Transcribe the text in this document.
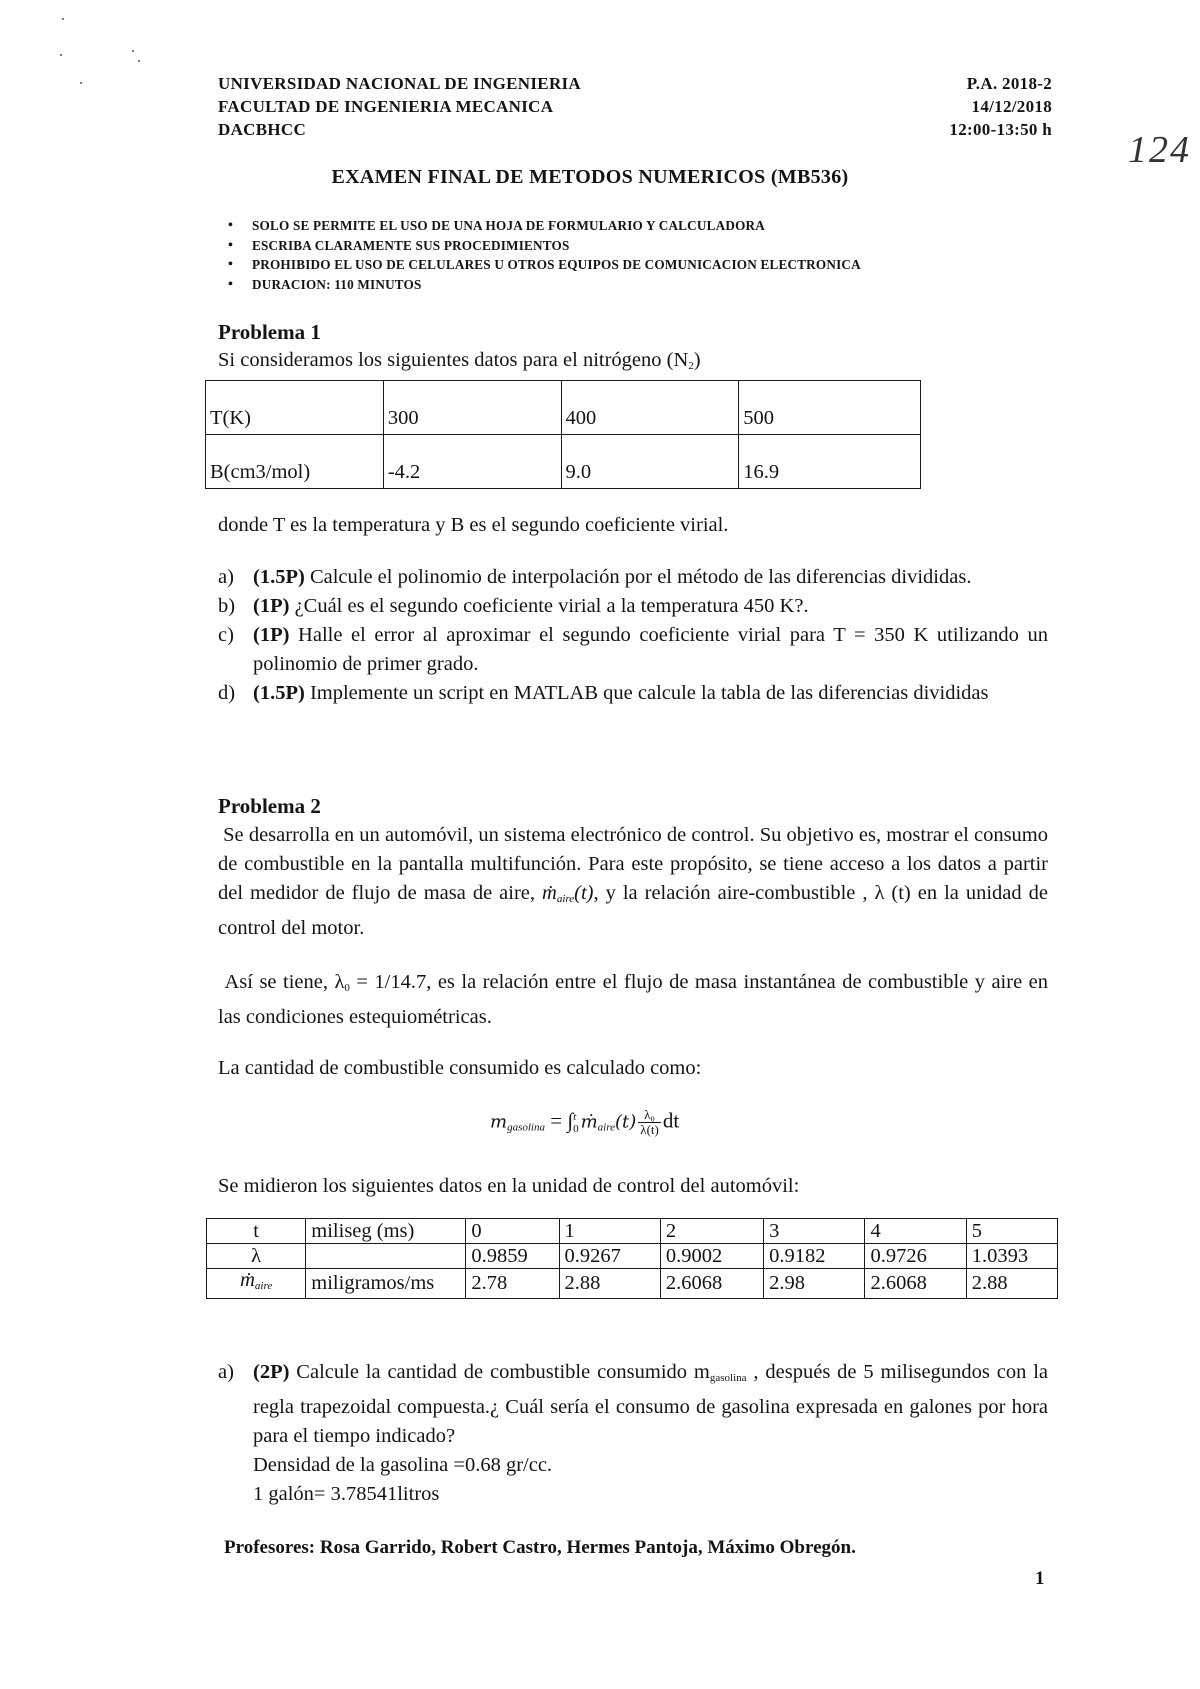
UNIVERSIDAD NACIONAL DE INGENIERIA
FACULTAD DE INGENIERIA MECANICA
DACBHCC
P.A. 2018-2
14/12/2018
12:00-13:50 h 124
EXAMEN FINAL DE METODOS NUMERICOS (MB536)
• SOLO SE PERMITE EL USO DE UNA HOJA DE FORMULARIO Y CALCULADORA
• ESCRIBA CLARAMENTE SUS PROCEDIMIENTOS
• PROHIBIDO EL USO DE CELULARES U OTROS EQUIPOS DE COMUNICACION ELECTRONICA
• DURACION: 110 MINUTOS
Problema 1
Si consideramos los siguientes datos para el nitrógeno $(N_2)$
T(K)	300	400	500
B(cm3/mol)	-4.2	9.0	16.9
donde T es la temperatura y B es el segundo coeficiente virial.
a) (1.5P) Calcule el polinomio de interpolación por el método de las diferencias divididas.
b) (1P) ¿Cuál es el segundo coeficiente virial a la temperatura 450 K?.
c) (1P) Halle el error al aproximar el segundo coeficiente virial para T = 350 K utilizando un polinomio de primer grado.
d) (1.5P) Implemente un script en MATLAB que calcule la tabla de las diferencias divididas
Problema 2
Se desarrolla en un automóvil, un sistema electrónico de control. Su objetivo es, mostrar el consumo de combustible en la pantalla multifunción. Para este propósito, se tiene acceso a los datos a partir del medidor de flujo de masa de aire, ṁ$_{aire}$(t), y la relación aire-combustible , λ (t) en la unidad de control del motor.
Así se tiene, $\lambda_0 = 1/14.7$, es la relación entre el flujo de masa instantánea de combustible y aire en las condiciones estequiométricas.
La cantidad de combustible consumido es calculado como:
$m_{gasolina}$ = ∫ t
0 ṁ$_{aire}$(t) $\frac{\text{λ₀}}{\lambda(t)}$ dt
Se midieron los siguientes datos en la unidad de control del automóvil:
t	miliseg (ms)	0	1	2	3	4	5
λ		0.9859	0.9267	0.9002	0.9182	0.9726	1.0393
ṁ$_{aire}$	miligramos/ms	2.78	2.88	2.6068	2.98	2.6068	2.88
a) (2P) Calcule la cantidad de combustible consumido $m_{gasolina}$ , después de 5 milisegundos con la regla trapezoidal compuesta.¿ Cuál sería el consumo de gasolina expresada en galones por hora para el tiempo indicado?
Densidad de la gasolina =0.68 gr/cc.
1 galón= 3.78541litros
Profesores: Rosa Garrido, Robert Castro, Hermes Pantoja, Máximo Obregón.
1
